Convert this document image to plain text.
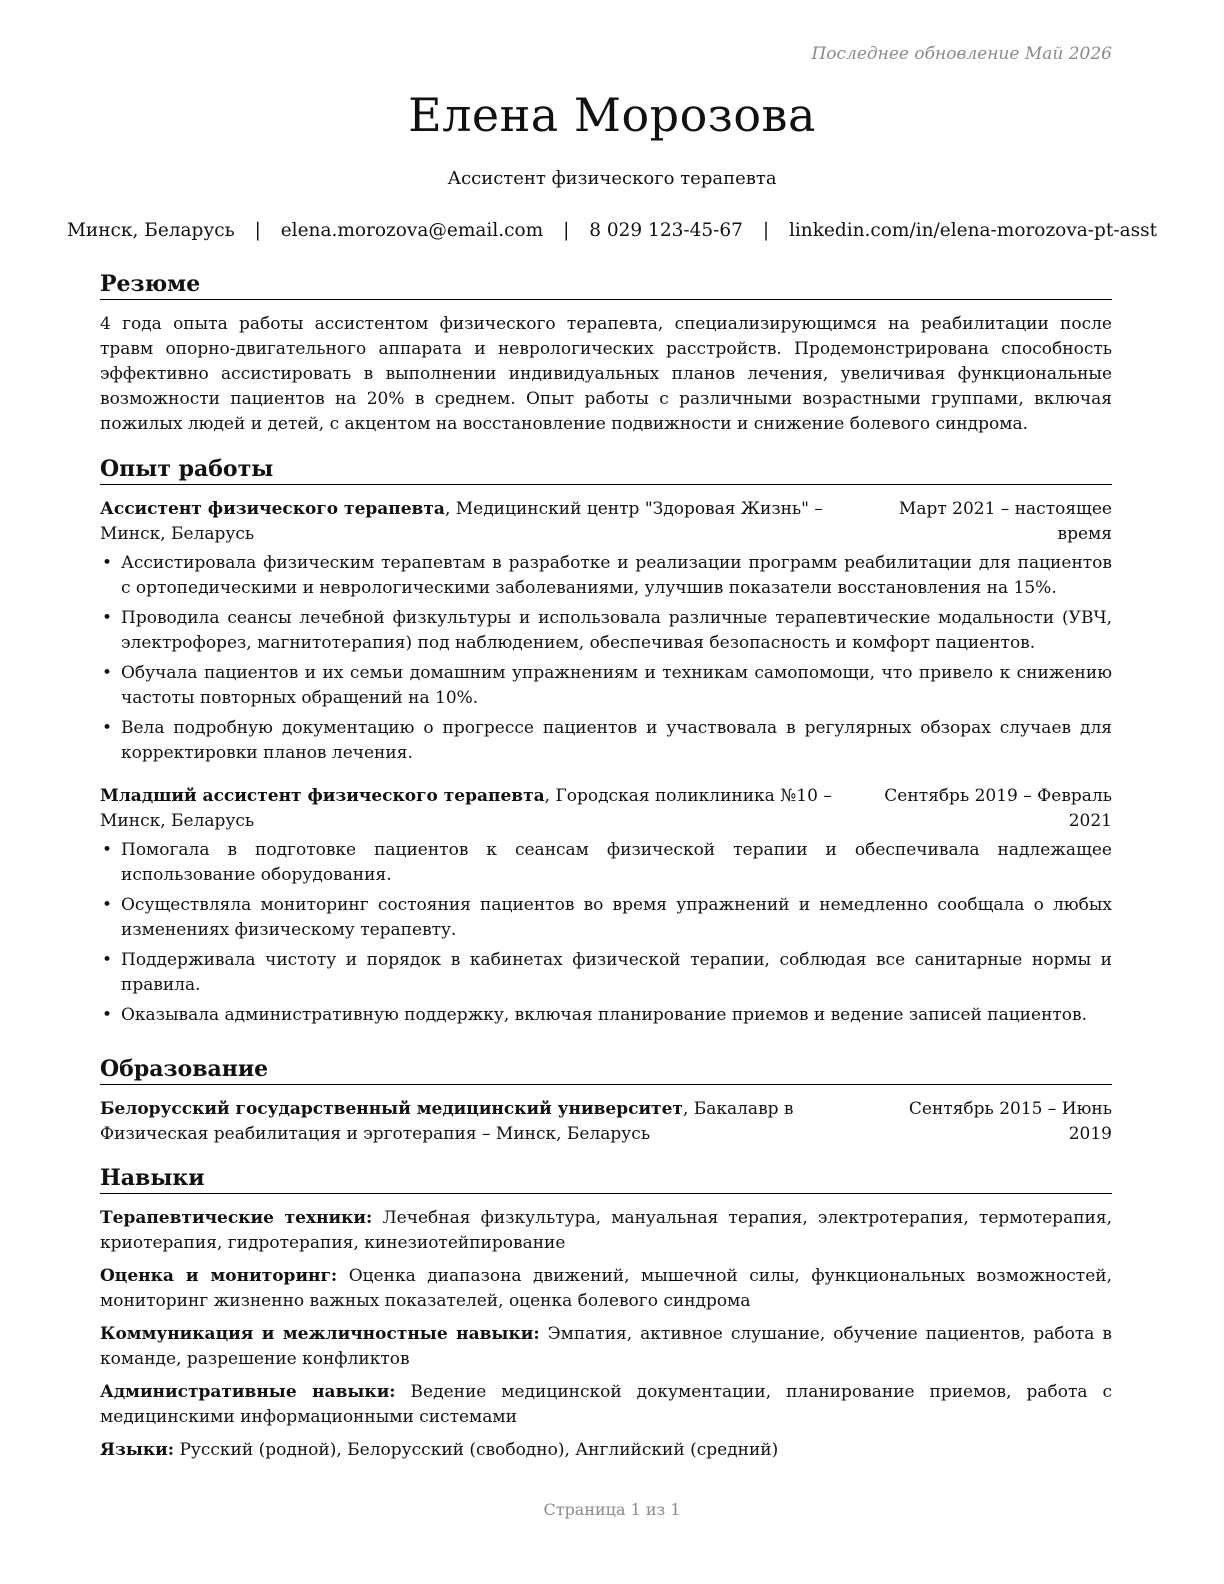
Последнее обновление Май 2026
Елена Морозова
Ассистент физического терапевта
Минск, Беларусь | elena.morozova@email.com | 8 029 123-45-67 | linkedin.com/in/elena-morozova-pt-asst
Резюме

4 года опыта работы ассистентом физического терапевта, специализирующимся на реабилитации после травм опорно-двигательного аппарата и неврологических расстройств. Продемонстрирована способность эффективно ассистировать в выполнении индивидуальных планов лечения, увеличивая функциональные возможности пациентов на 20% в среднем. Опыт работы с различными возрастными группами, включая пожилых людей и детей, с акцентом на восстановление подвижности и снижение болевого синдрома.

Опыт работы
Ассистент физического терапевта, Медицинский центр "Здоровая Жизнь" – Минск, Беларусь
Март 2021 – настоящее время
• Ассистировала физическим терапевтам в разработке и реализации программ реабилитации для пациентов с ортопедическими и неврологическими заболеваниями, улучшив показатели восстановления на 15%.
• Проводила сеансы лечебной физкультуры и использовала различные терапевтические модальности (УВЧ, электрофорез, магнитотерапия) под наблюдением, обеспечивая безопасность и комфорт пациентов.
• Обучала пациентов и их семьи домашним упражнениям и техникам самопомощи, что привело к снижению частоты повторных обращений на 10%.
• Вела подробную документацию о прогрессе пациентов и участвовала в регулярных обзорах случаев для корректировки планов лечения.
Младший ассистент физического терапевта, Городская поликлиника №10 – Минск, Беларусь
Сентябрь 2019 – Февраль 2021
• Помогала в подготовке пациентов к сеансам физической терапии и обеспечивала надлежащее использование оборудования.
• Осуществляла мониторинг состояния пациентов во время упражнений и немедленно сообщала о любых изменениях физическому терапевту.
• Поддерживала чистоту и порядок в кабинетах физической терапии, соблюдая все санитарные нормы и правила.
• Оказывала административную поддержку, включая планирование приемов и ведение записей пациентов.
Образование
Белорусский государственный медицинский университет, Бакалавр в Физическая реабилитация и эрготерапия – Минск, Беларусь
Сентябрь 2015 – Июнь 2019
Навыки
Терапевтические техники: Лечебная физкультура, мануальная терапия, электротерапия, термотерапия, криотерапия, гидротерапия, кинезиотейпирование
Оценка и мониторинг: Оценка диапазона движений, мышечной силы, функциональных возможностей, мониторинг жизненно важных показателей, оценка болевого синдрома
Коммуникация и межличностные навыки: Эмпатия, активное слушание, обучение пациентов, работа в команде, разрешение конфликтов
Административные навыки: Ведение медицинской документации, планирование приемов, работа с медицинскими информационными системами
Языки: Русский (родной), Белорусский (свободно), Английский (средний)
Страница 1 из 1
